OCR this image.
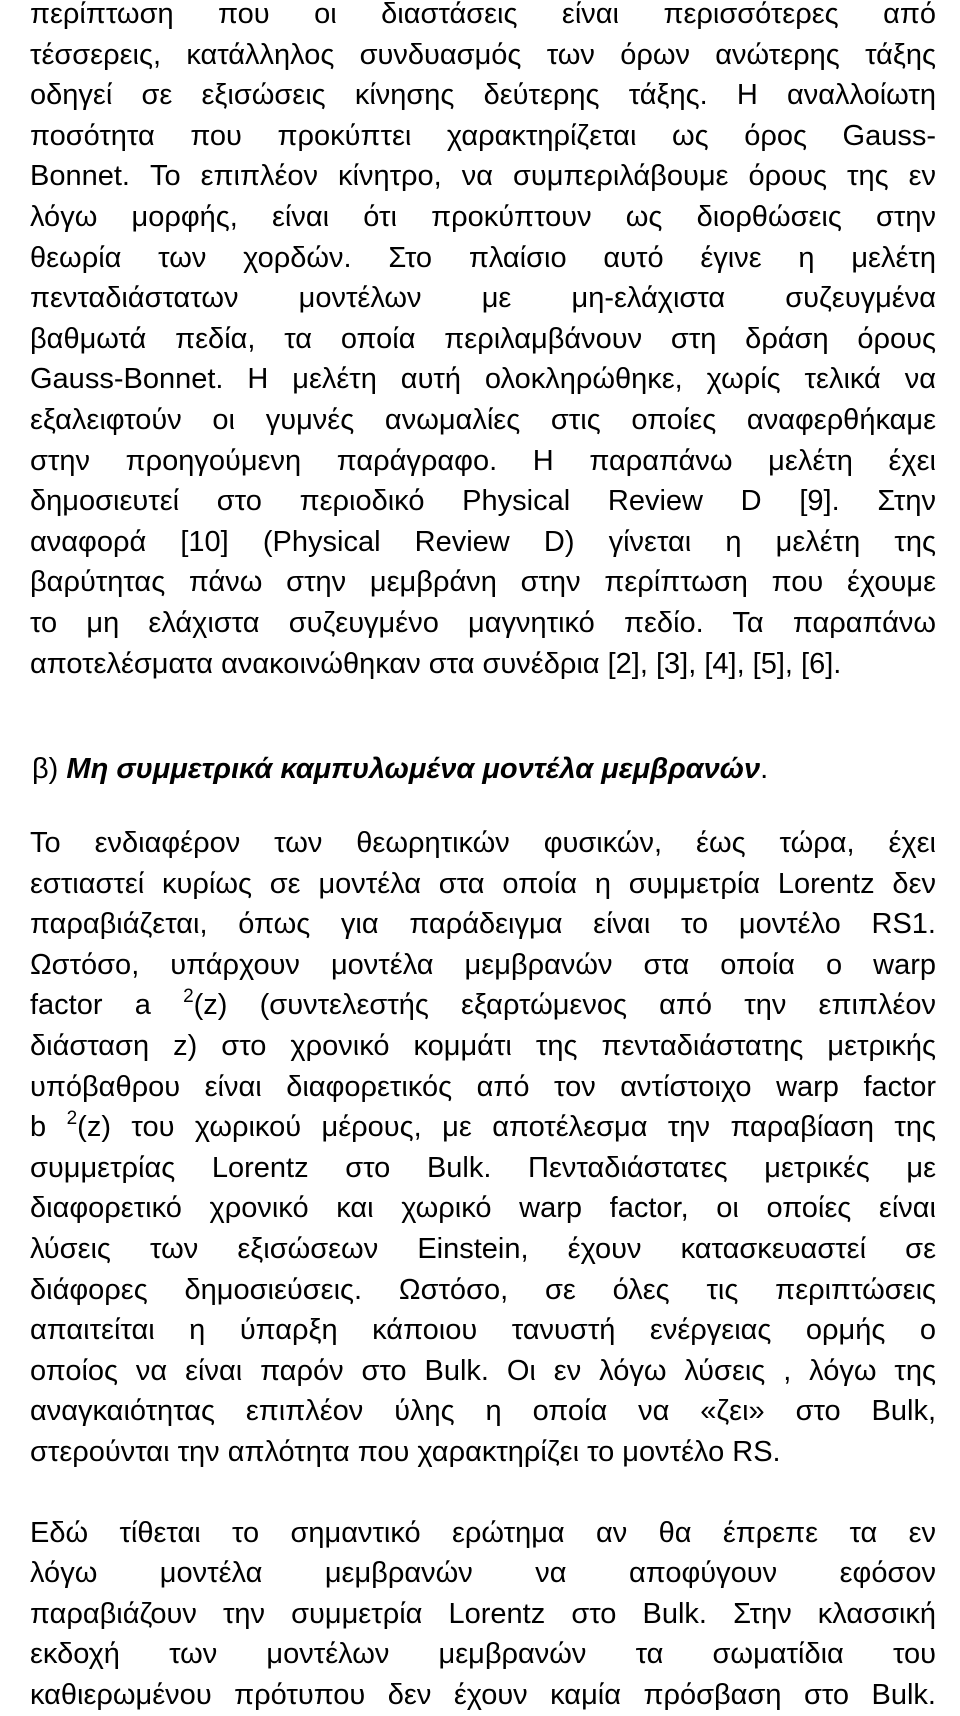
περίπτωση που οι διαστάσεις είναι περισσότερες από
τέσσερεις, κατάλληλος συνδυασμός των όρων ανώτερης τάξης
οδηγεί σε εξισώσεις κίνησης δεύτερης τάξης. Η αναλλοίωτη
ποσότητα που προκύπτει χαρακτηρίζεται ως όρος Gauss-
Bonnet. Το επιπλέον κίνητρο, να συμπεριλάβουμε όρους της εν
λόγω μορφής, είναι ότι προκύπτουν ως διορθώσεις στην
θεωρία των χορδών. Στο πλαίσιο αυτό έγινε η μελέτη
πενταδιάστατων μοντέλων με μη-ελάχιστα συζευγμένα
βαθμωτά πεδία, τα οποία περιλαμβάνουν στη δράση όρους
Gauss-Bonnet. Η μελέτη αυτή ολοκληρώθηκε, χωρίς τελικά να
εξαλειφτούν οι γυμνές ανωμαλίες στις οποίες αναφερθήκαμε
στην προηγούμενη παράγραφο. Η παραπάνω μελέτη έχει
δημοσιευτεί στο περιοδικό Physical Review D [9]. Στην
αναφορά [10] (Physical Review D) γίνεται η μελέτη της
βαρύτητας πάνω στην μεμβράνη στην περίπτωση που έχουμε
το μη ελάχιστα συζευγμένο μαγνητικό πεδίο. Τα παραπάνω
αποτελέσματα ανακοινώθηκαν στα συνέδρια [2], [3], [4], [5], [6].
β) Μη συμμετρικά καμπυλωμένα μοντέλα μεμβρανών.
Το ενδιαφέρον των θεωρητικών φυσικών, έως τώρα, έχει
εστιαστεί κυρίως σε μοντέλα στα οποία η συμμετρία Lorentz δεν
παραβιάζεται, όπως για παράδειγμα είναι το μοντέλο RS1.
Ωστόσο, υπάρχουν μοντέλα μεμβρανών στα οποία ο warp
factor a $^2$(z) (συντελεστής εξαρτώμενος από την επιπλέον
διάσταση z) στο χρονικό κομμάτι της πενταδιάστατης μετρικής
υπόβαθρου είναι διαφορετικός από τον αντίστοιχο warp factor
b $^2$(z) του χωρικού μέρους, με αποτέλεσμα την παραβίαση της
συμμετρίας Lorentz στο Bulk. Πενταδιάστατες μετρικές με
διαφορετικό χρονικό και χωρικό warp factor, οι οποίες είναι
λύσεις των εξισώσεων Einstein, έχουν κατασκευαστεί σε
διάφορες δημοσιεύσεις. Ωστόσο, σε όλες τις περιπτώσεις
απαιτείται η ύπαρξη κάποιου τανυστή ενέργειας ορμής ο
οποίος να είναι παρόν στο Bulk. Οι εν λόγω λύσεις , λόγω της
αναγκαιότητας επιπλέον ύλης η οποία να «ζει» στο Bulk,
στερούνται την απλότητα που χαρακτηρίζει το μοντέλο RS.
Εδώ τίθεται το σημαντικό ερώτημα αν θα έπρεπε τα εν
λόγω μοντέλα μεμβρανών να αποφύγουν εφόσον
παραβιάζουν την συμμετρία Lorentz στο Bulk. Στην κλασσική
εκδοχή των μοντέλων μεμβρανών τα σωματίδια του
καθιερωμένου πρότυπου δεν έχουν καμία πρόσβαση στο Bulk.
